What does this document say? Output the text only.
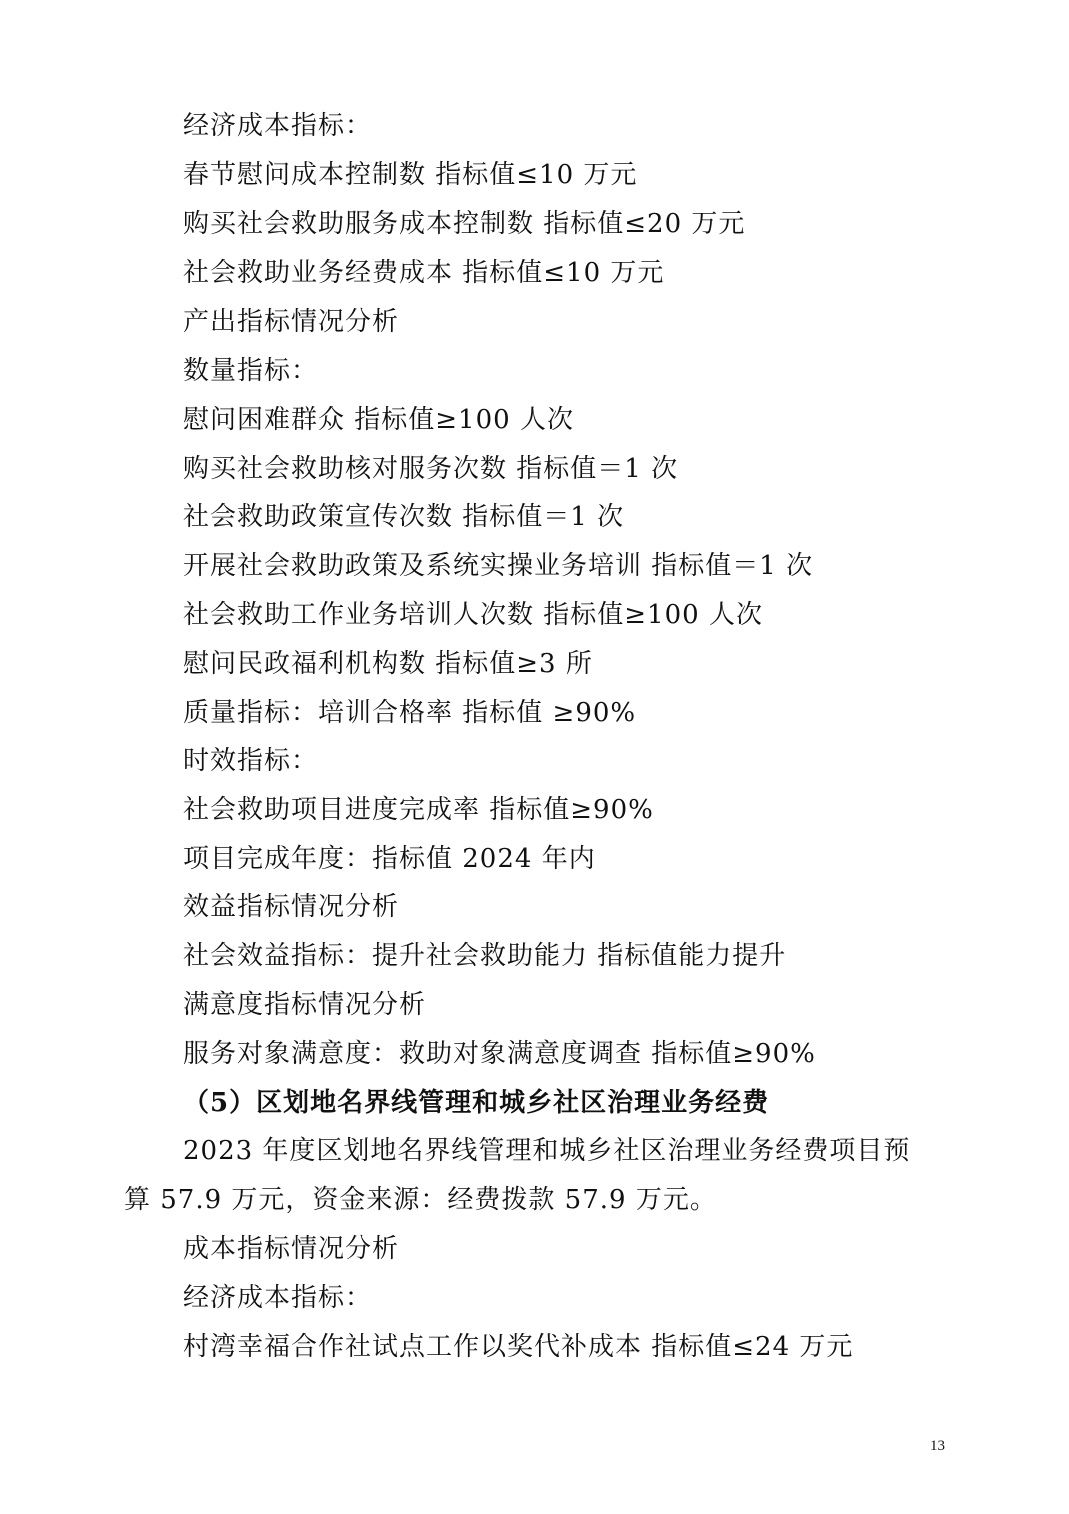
经济成本指标：
春节慰问成本控制数 指标值≤10 万元
购买社会救助服务成本控制数 指标值≤20 万元
社会救助业务经费成本 指标值≤10 万元
产出指标情况分析
数量指标：
慰问困难群众 指标值≥100 人次
购买社会救助核对服务次数 指标值＝1 次
社会救助政策宣传次数 指标值＝1 次
开展社会救助政策及系统实操业务培训 指标值＝1 次
社会救助工作业务培训人次数 指标值≥100 人次
慰问民政福利机构数 指标值≥3 所
质量指标：培训合格率 指标值 ≥90%
时效指标：
社会救助项目进度完成率 指标值≥90%
项目完成年度：指标值 2024 年内
效益指标情况分析
社会效益指标：提升社会救助能力 指标值能力提升
满意度指标情况分析
服务对象满意度：救助对象满意度调查 指标值≥90%
（5）区划地名界线管理和城乡社区治理业务经费
2023 年度区划地名界线管理和城乡社区治理业务经费项目预
算 57.9 万元，资金来源：经费拨款 57.9 万元。
成本指标情况分析
经济成本指标：
村湾幸福合作社试点工作以奖代补成本 指标值≤24 万元
13
